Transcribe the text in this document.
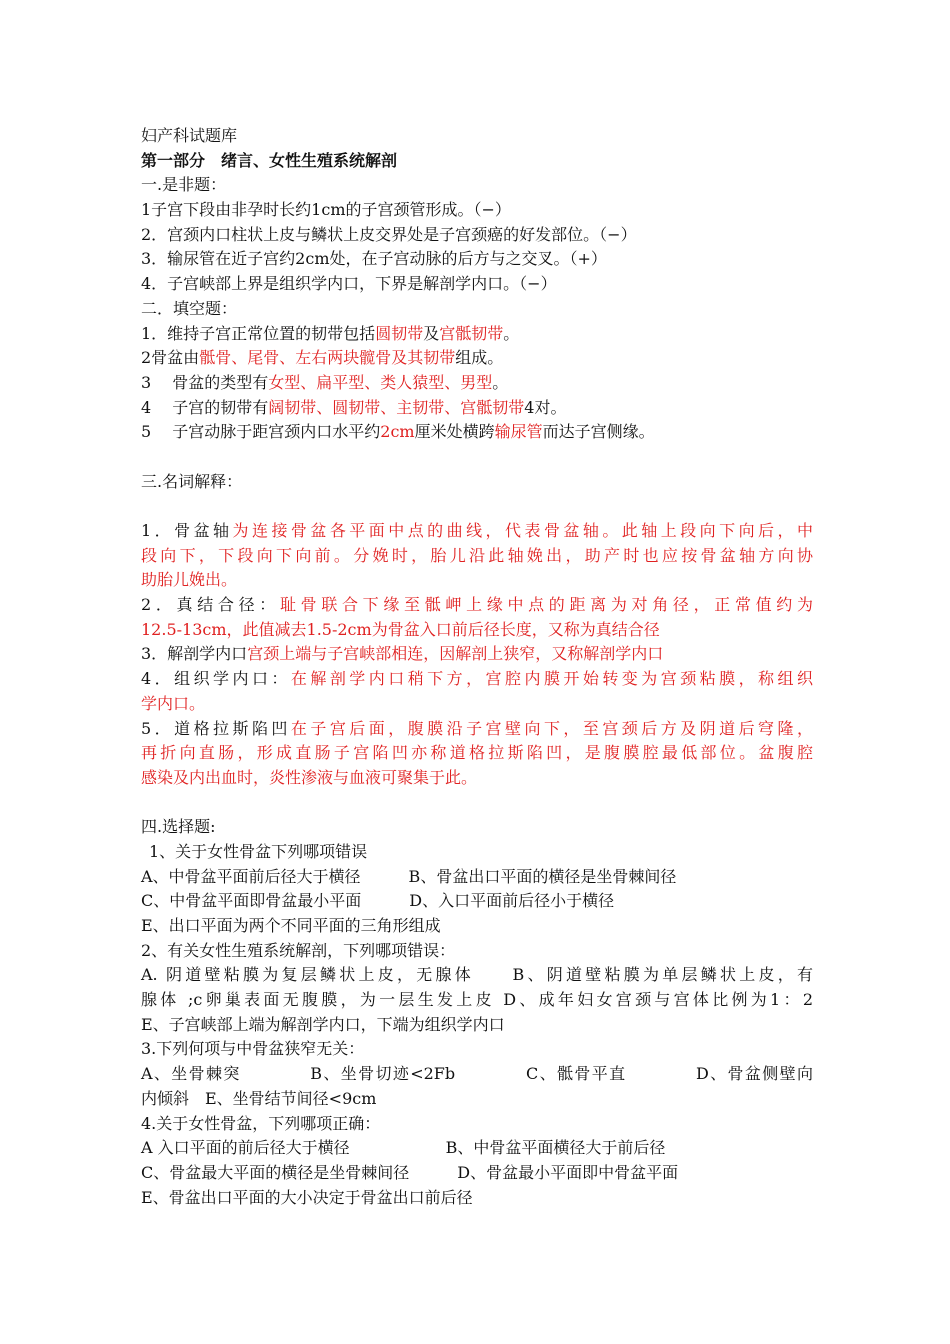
妇产科试题库
第一部分　绪言、女性生殖系统解剖
一.是非题：
1子宫下段由非孕时长约1cm的子宫颈管形成。（−）
2．宫颈内口柱状上皮与鳞状上皮交界处是子宫颈癌的好发部位。（−）
3．输尿管在近子宫约2cm处，在子宫动脉的后方与之交叉。（+）
4．子宫峡部上界是组织学内口，下界是解剖学内口。（−）
二．填空题：
1．维持子宫正常位置的韧带包括圆韧带及宫骶韧带。
2骨盆由骶骨、尾骨、左右两块髋骨及其韧带组成。
3　 骨盆的类型有女型、扁平型、类人猿型、男型。
4　 子宫的韧带有阔韧带、圆韧带、主韧带、宫骶韧带4对。
5　 子宫动脉于距宫颈内口水平约2cm厘米处横跨输尿管而达子宫侧缘。
三.名词解释：
1．骨盆轴为连接骨盆各平面中点的曲线，代表骨盆轴。此轴上段向下向后，中
段向下，下段向下向前。分娩时，胎儿沿此轴娩出，助产时也应按骨盆轴方向协
助胎儿娩出。
2．真结合径：耻骨联合下缘至骶岬上缘中点的距离为对角径，正常值约为
12.5-13cm，此值减去1.5-2cm为骨盆入口前后径长度，又称为真结合径
3．解剖学内口宫颈上端与子宫峡部相连，因解剖上狭窄，又称解剖学内口
4．组织学内口：在解剖学内口稍下方，宫腔内膜开始转变为宫颈粘膜，称组织
学内口。
5．道格拉斯陷凹在子宫后面，腹膜沿子宫壁向下，至宫颈后方及阴道后穹隆，
再折向直肠，形成直肠子宫陷凹亦称道格拉斯陷凹，是腹膜腔最低部位。盆腹腔
感染及内出血时，炎性渗液与血液可聚集于此。
四.选择题:
1、关于女性骨盆下列哪项错误
A、中骨盆平面前后径大于横径　　　B、骨盆出口平面的横径是坐骨棘间径
C、中骨盆平面即骨盆最小平面　　　D、入口平面前后径小于横径
E、出口平面为两个不同平面的三角形组成
2、有关女性生殖系统解剖，下列哪项错误：
A. 阴道壁粘膜为复层鳞状上皮，无腺体　　B、阴道壁粘膜为单层鳞状上皮，有
腺体 ;c卵巢表面无腹膜，为一层生发上皮 D、成年妇女宫颈与宫体比例为1：2
E、子宫峡部上端为解剖学内口，下端为组织学内口
3.下列何项与中骨盆狭窄无关：
A、坐骨棘突　　　　B、坐骨切迹<2Fb　　　　C、骶骨平直　　　　D、骨盆侧壁向
内倾斜　E、坐骨结节间径<9cm
4.关于女性骨盆，下列哪项正确：
A 入口平面的前后径大于横径　　　　　　B、中骨盆平面横径大于前后径
C、骨盆最大平面的横径是坐骨棘间径　　　D、骨盆最小平面即中骨盆平面
E、骨盆出口平面的大小决定于骨盆出口前后径
